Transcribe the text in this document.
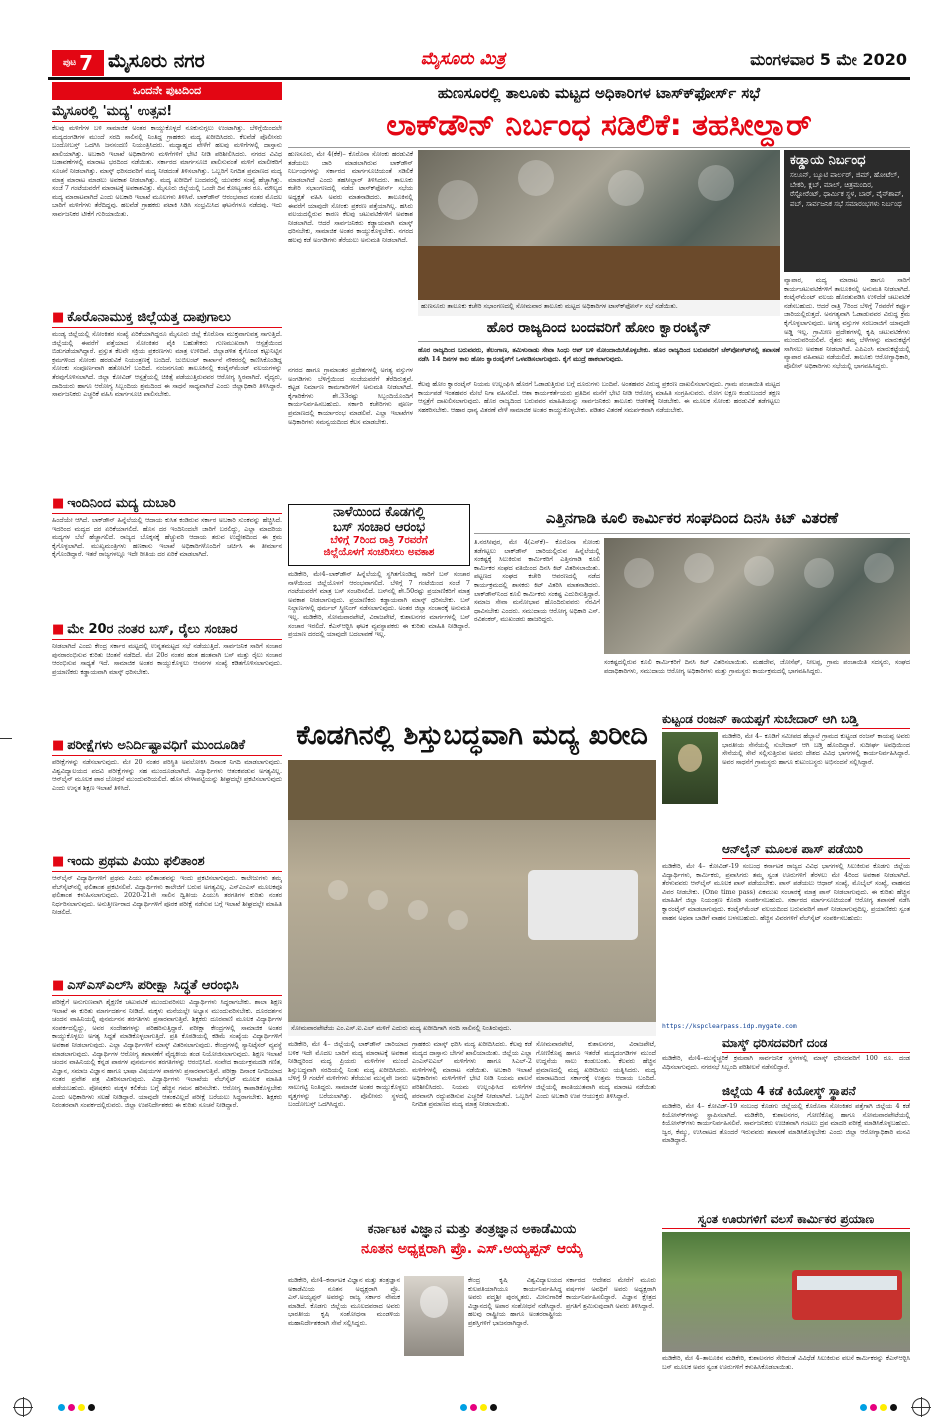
ಪುಟ 7 ಮೈಸೂರು ನಗರ	ಮೈಸೂರು ಮಿತ್ರ	ಮಂಗಳವಾರ 5 ಮೇ 2020
ಒಂದನೇ ಪುಟದಿಂದ
ಮೈಸೂರಲ್ಲಿ 'ಮದ್ಯ' ಉತ್ಸವ!
ಕೆಲವು ಮಳಿಗೆಗಳ ಬಳಿ ಸಾಮಾಜಿಕ ಅಂತರ ಕಾಯ್ದುಕೊಳ್ಳದೆ ನೂಕುನುಗ್ಗಲು ಉಂಟಾಗಿತ್ತು. ಬೆಳಿಗ್ಗೆಯಿಂದಲೇ ಮದ್ಯದಂಗಡಿಗಳ ಮುಂದೆ ಸರದಿ ಸಾಲಿನಲ್ಲಿ ನಿಂತಿದ್ದ ಗ್ರಾಹಕರು ಮದ್ಯ ಖರೀದಿಸಿದರು. ಕೆಲವೆಡೆ ಪೊಲೀಸರು ಬಂದೋಬಸ್ತ್ ಒದಗಿಸಿ ಜನಸಂದಣಿ ನಿಯಂತ್ರಿಸಿದರು. ಮಧ್ಯಾಹ್ನದ ವೇಳೆಗೆ ಹಲವು ಮಳಿಗೆಗಳಲ್ಲಿ ದಾಸ್ತಾನು ಖಾಲಿಯಾಗಿತ್ತು. ಅಬಕಾರಿ ಇಲಾಖೆ ಅಧಿಕಾರಿಗಳು ಮಳಿಗೆಗಳಿಗೆ ಭೇಟಿ ನೀಡಿ ಪರಿಶೀಲಿಸಿದರು. ನಗರದ ವಿವಿಧ ಬಡಾವಣೆಗಳಲ್ಲಿ ಮಾರಾಟ ಭರದಿಂದ ನಡೆಯಿತು. ಸರ್ಕಾರದ ಮಾರ್ಗಸೂಚಿ ಪಾಲಿಸುವಂತೆ ಮಳಿಗೆ ಮಾಲೀಕರಿಗೆ ಸೂಚನೆ ನೀಡಲಾಗಿತ್ತು. ಮಾಸ್ಕ್ ಧರಿಸದವರಿಗೆ ಮದ್ಯ ನೀಡದಂತೆ ತಿಳಿಸಲಾಗಿತ್ತು. ಒಬ್ಬರಿಗೆ ನಿಗದಿತ ಪ್ರಮಾಣದ ಮದ್ಯ ಮಾತ್ರ ಮಾರಾಟ ಮಾಡಲು ಅವಕಾಶ ನೀಡಲಾಗಿತ್ತು. ಮದ್ಯ ಖರೀದಿಗೆ ಬಂದವರಲ್ಲಿ ಯುವಕರ ಸಂಖ್ಯೆ ಹೆಚ್ಚಾಗಿತ್ತು. ಸಂಜೆ 7 ಗಂಟೆಯವರೆಗೆ ಮಾರಾಟಕ್ಕೆ ಅವಕಾಶವಿತ್ತು. ಮೈಸೂರು ಜಿಲ್ಲೆಯಲ್ಲಿ ಒಂದೇ ದಿನ ಕೋಟ್ಯಂತರ ರೂ. ಮೌಲ್ಯದ ಮದ್ಯ ಮಾರಾಟವಾಗಿದೆ ಎಂದು ಅಬಕಾರಿ ಇಲಾಖೆ ಮೂಲಗಳು ತಿಳಿಸಿವೆ. ಲಾಕ್‍ಡೌನ್ ಆರಂಭವಾದ ನಂತರ ಮೊದಲ ಬಾರಿಗೆ ಮಳಿಗೆಗಳು ತೆರೆದಿದ್ದವು. ಹಲವೆಡೆ ಗ್ರಾಹಕರು ಪಟಾಕಿ ಸಿಡಿಸಿ ಸಂಭ್ರಮಿಸಿದ ಘಟನೆಗಳೂ ನಡೆದವು. ಇದು ಸಾರ್ವಜನಿಕರ ಟೀಕೆಗೆ ಗುರಿಯಾಯಿತು.
■ ಕೊರೊನಾಮುಕ್ತ ಜಿಲ್ಲೆಯತ್ತ ದಾಪುಗಾಲು
ಮಂಡ್ಯ ಜಿಲ್ಲೆಯಲ್ಲಿ ಸೋಂಕಿತರ ಸಂಖ್ಯೆ ಏರಿಕೆಯಾಗಿದ್ದರೂ ಮೈಸೂರು ಜಿಲ್ಲೆ ಕೊರೊನಾ ಮುಕ್ತವಾಗುವತ್ತ ಸಾಗುತ್ತಿದೆ. ಜಿಲ್ಲೆಯಲ್ಲಿ ಈವರೆಗೆ ಪತ್ತೆಯಾದ ಸೋಂಕಿತರ ಪೈಕಿ ಬಹುತೇಕರು ಗುಣಮುಖರಾಗಿ ಆಸ್ಪತ್ರೆಯಿಂದ ಬಿಡುಗಡೆಯಾಗಿದ್ದಾರೆ. ಪ್ರಸ್ತುತ ಕೆಲವೇ ಸಕ್ರಿಯ ಪ್ರಕರಣಗಳು ಮಾತ್ರ ಉಳಿದಿವೆ. ಜಿಲ್ಲಾಡಳಿತ ಕೈಗೊಂಡ ಕಟ್ಟುನಿಟ್ಟಿನ ಕ್ರಮಗಳಿಂದ ಸೋಂಕು ಹರಡುವಿಕೆ ನಿಯಂತ್ರಣಕ್ಕೆ ಬಂದಿದೆ. ಜುಬಿಲಂಟ್ ಕಾರ್ಖಾನೆ ನೌಕರರಲ್ಲಿ ಕಾಣಿಸಿಕೊಂಡಿದ್ದ ಸೋಂಕು ಸಂಪೂರ್ಣವಾಗಿ ಹತೋಟಿಗೆ ಬಂದಿದೆ. ನಂಜನಗೂಡು ತಾಲೂಕಿನಲ್ಲಿ ಕಂಟೈನ್‍ಮೆಂಟ್ ವಲಯಗಳನ್ನು ತೆರವುಗೊಳಿಸಲಾಗಿದೆ. ಜಿಲ್ಲಾ ಕೋವಿಡ್ ಆಸ್ಪತ್ರೆಯಲ್ಲಿ ಚಿಕಿತ್ಸೆ ಪಡೆಯುತ್ತಿರುವವರ ಆರೋಗ್ಯ ಸ್ಥಿರವಾಗಿದೆ. ವೈದ್ಯರು, ದಾದಿಯರು ಹಾಗೂ ಆರೋಗ್ಯ ಸಿಬ್ಬಂದಿಯ ಶ್ರಮದಿಂದ ಈ ಸಾಧನೆ ಸಾಧ್ಯವಾಗಿದೆ ಎಂದು ಜಿಲ್ಲಾಧಿಕಾರಿ ತಿಳಿಸಿದ್ದಾರೆ. ಸಾರ್ವಜನಿಕರು ಎಚ್ಚರಿಕೆ ವಹಿಸಿ ಮಾರ್ಗಸೂಚಿ ಪಾಲಿಸಬೇಕು.
■ ಇಂದಿನಿಂದ ಮದ್ಯ ದುಬಾರಿ
ಹಿಂದೆಯೇ ಆಗಿದೆ. ಲಾಕ್‍ಡೌನ್ ಹಿನ್ನೆಲೆಯಲ್ಲಿ ಆದಾಯ ಕುಸಿತ ಕಂಡಿರುವ ಸರ್ಕಾರ ಅಬಕಾರಿ ಸುಂಕವನ್ನು ಹೆಚ್ಚಿಸಿದೆ. ಇದರಿಂದ ಮದ್ಯದ ದರ ಏರಿಕೆಯಾಗಲಿದೆ. ಹೊಸ ದರ ಇಂದಿನಿಂದಲೇ ಜಾರಿಗೆ ಬರಲಿದ್ದು, ಎಲ್ಲಾ ಮಾದರಿಯ ಮದ್ಯಗಳ ಬೆಲೆ ಹೆಚ್ಚಾಗಲಿದೆ. ರಾಜ್ಯದ ಬೊಕ್ಕಸಕ್ಕೆ ಹೆಚ್ಚುವರಿ ಆದಾಯ ತರುವ ಉದ್ದೇಶದಿಂದ ಈ ಕ್ರಮ ಕೈಗೊಳ್ಳಲಾಗಿದೆ. ಮುಖ್ಯಮಂತ್ರಿಗಳು ಹಣಕಾಸು ಇಲಾಖೆ ಅಧಿಕಾರಿಗಳೊಂದಿಗೆ ಚರ್ಚಿಸಿ ಈ ತೀರ್ಮಾನ ಕೈಗೊಂಡಿದ್ದಾರೆ. ಇತರೆ ರಾಜ್ಯಗಳಲ್ಲೂ ಇದೇ ರೀತಿಯ ದರ ಏರಿಕೆ ಮಾಡಲಾಗಿದೆ.
■ ಮೇ 20ರ ನಂತರ ಬಸ್, ರೈಲು ಸಂಚಾರ
ನೀಡಲಾಗಿದೆ ಎಂದು ಕೇಂದ್ರ ಸರ್ಕಾರ ಮಟ್ಟದಲ್ಲಿ ಉನ್ನತಮಟ್ಟದ ಸಭೆ ನಡೆಯುತ್ತಿದೆ. ಸಾರ್ವಜನಿಕ ಸಾರಿಗೆ ಸಂಚಾರ ಪುನರಾರಂಭಿಸುವ ಕುರಿತು ಚಿಂತನೆ ನಡೆದಿದೆ. ಮೇ 20ರ ನಂತರ ಹಂತ ಹಂತವಾಗಿ ಬಸ್ ಮತ್ತು ರೈಲು ಸಂಚಾರ ಆರಂಭಿಸುವ ಸಾಧ್ಯತೆ ಇದೆ. ಸಾಮಾಜಿಕ ಅಂತರ ಕಾಯ್ದುಕೊಳ್ಳಲು ಆಸನಗಳ ಸಂಖ್ಯೆ ಕಡಿತಗೊಳಿಸಲಾಗುವುದು. ಪ್ರಯಾಣಿಕರು ಕಡ್ಡಾಯವಾಗಿ ಮಾಸ್ಕ್ ಧರಿಸಬೇಕು.
■ ಪರೀಕ್ಷೆಗಳು ಅನಿರ್ದಿಷ್ಟಾವಧಿಗೆ ಮುಂದೂಡಿಕೆ
ಪರೀಕ್ಷೆಗಳನ್ನು ನಡೆಸಲಾಗುವುದು. ಮೇ 20 ನಂತರ ಪರಿಸ್ಥಿತಿ ಅವಲೋಕಿಸಿ ದಿನಾಂಕ ನಿಗದಿ ಮಾಡಲಾಗುವುದು. ವಿಶ್ವವಿದ್ಯಾಲಯದ ಪದವಿ ಪರೀಕ್ಷೆಗಳನ್ನು ಸಹ ಮುಂದೂಡಲಾಗಿದೆ. ವಿದ್ಯಾರ್ಥಿಗಳು ಆತಂಕಪಡುವ ಅಗತ್ಯವಿಲ್ಲ. ಆನ್‍ಲೈನ್ ಮೂಲಕ ಪಾಠ ಬೋಧನೆ ಮುಂದುವರಿಯಲಿದೆ. ಹೊಸ ವೇಳಾಪಟ್ಟಿಯನ್ನು ಶೀಘ್ರದಲ್ಲೇ ಪ್ರಕಟಿಸಲಾಗುವುದು ಎಂದು ಉನ್ನತ ಶಿಕ್ಷಣ ಇಲಾಖೆ ತಿಳಿಸಿದೆ.
■ ಇಂದು ಪ್ರಥಮ ಪಿಯು ಫಲಿತಾಂಶ
ಆನ್‍ಲೈನ್ ವಿದ್ಯಾರ್ಥಿಗಳಿಗೆ ಪ್ರಥಮ ಪಿಯು ಫಲಿತಾಂಶವನ್ನು ಇಂದು ಪ್ರಕಟಿಸಲಾಗುವುದು. ಕಾಲೇಜುಗಳು ತಮ್ಮ ವೆಬ್‍ಸೈಟ್‍ನಲ್ಲಿ ಫಲಿತಾಂಶ ಪ್ರಕಟಿಸಲಿವೆ. ವಿದ್ಯಾರ್ಥಿಗಳು ಕಾಲೇಜಿಗೆ ಬರುವ ಅಗತ್ಯವಿಲ್ಲ. ಎಸ್‍ಎಂಎಸ್ ಮೂಲಕವೂ ಫಲಿತಾಂಶ ಕಳುಹಿಸಲಾಗುವುದು. 2020-21ನೇ ಸಾಲಿನ ದ್ವಿತೀಯ ಪಿಯುಸಿ ತರಗತಿಗಳ ಕುರಿತು ನಂತರ ನಿರ್ಧರಿಸಲಾಗುವುದು. ಅನುತ್ತೀರ್ಣರಾದ ವಿದ್ಯಾರ್ಥಿಗಳಿಗೆ ಪೂರಕ ಪರೀಕ್ಷೆ ನಡೆಸುವ ಬಗ್ಗೆ ಇಲಾಖೆ ಶೀಘ್ರದಲ್ಲೇ ಮಾಹಿತಿ ನೀಡಲಿದೆ.
■ ಎಸ್‍ಎಸ್‍ಎಲ್‍ಸಿ ಪರೀಕ್ಷಾ ಸಿದ್ಧತೆ ಆರಂಭಿಸಿ
ಪರೀಕ್ಷೆಗೆ ಅನುಗುಣವಾಗಿ ಶೈಕ್ಷಣಿಕ ಚಟುವಟಿಕೆ ಮುಂದುವರಿಸಲು ವಿದ್ಯಾರ್ಥಿಗಳು ಸಿದ್ಧರಾಗಬೇಕು. ಶಾಲಾ ಶಿಕ್ಷಣ ಇಲಾಖೆ ಈ ಕುರಿತು ಮಾರ್ಗದರ್ಶನ ನೀಡಿದೆ. ಮಕ್ಕಳು ಮನೆಯಲ್ಲೇ ಅಭ್ಯಾಸ ಮುಂದುವರಿಸಬೇಕು. ದೂರದರ್ಶನ ಚಂದನ ವಾಹಿನಿಯಲ್ಲಿ ಪುನರ್ಮನನ ತರಗತಿಗಳು ಪ್ರಸಾರವಾಗುತ್ತಿವೆ. ಶಿಕ್ಷಕರು ದೂರವಾಣಿ ಮೂಲಕ ವಿದ್ಯಾರ್ಥಿಗಳ ಸಂಪರ್ಕದಲ್ಲಿದ್ದು, ಅವರ ಸಂದೇಹಗಳನ್ನು ಪರಿಹರಿಸುತ್ತಿದ್ದಾರೆ. ಪರೀಕ್ಷಾ ಕೇಂದ್ರಗಳಲ್ಲಿ ಸಾಮಾಜಿಕ ಅಂತರ ಕಾಯ್ದುಕೊಳ್ಳಲು ಅಗತ್ಯ ಸಿದ್ಧತೆ ಮಾಡಿಕೊಳ್ಳಲಾಗುತ್ತಿದೆ. ಪ್ರತಿ ಕೊಠಡಿಯಲ್ಲಿ ಕಡಿಮೆ ಸಂಖ್ಯೆಯ ವಿದ್ಯಾರ್ಥಿಗಳಿಗೆ ಅವಕಾಶ ನೀಡಲಾಗುವುದು. ಎಲ್ಲಾ ವಿದ್ಯಾರ್ಥಿಗಳಿಗೆ ಮಾಸ್ಕ್ ವಿತರಿಸಲಾಗುವುದು. ಕೇಂದ್ರಗಳಲ್ಲಿ ಸ್ಯಾನಿಟೈಸರ್ ವ್ಯವಸ್ಥೆ ಮಾಡಲಾಗುವುದು. ವಿದ್ಯಾರ್ಥಿಗಳ ಆರೋಗ್ಯ ತಪಾಸಣೆಗೆ ವೈದ್ಯಕೀಯ ತಂಡ ನಿಯೋಜಿಸಲಾಗುವುದು. ಶಿಕ್ಷಣ ಇಲಾಖೆ ಚಂದನ ವಾಹಿನಿಯಲ್ಲಿ ಕನ್ನಡ ಪಾಠಗಳ ಪುನರ್ಮನನ ತರಗತಿಗಳನ್ನು ಆರಂಭಿಸಿದೆ. ಸಂವೇದ ಕಾರ್ಯಕ್ರಮದಡಿ ಗಣಿತ, ವಿಜ್ಞಾನ, ಸಮಾಜ ವಿಜ್ಞಾನ ಹಾಗೂ ಭಾಷಾ ವಿಷಯಗಳ ಪಾಠಗಳು ಪ್ರಸಾರವಾಗುತ್ತಿವೆ. ಪರೀಕ್ಷಾ ದಿನಾಂಕ ನಿಗದಿಯಾದ ನಂತರ ಪ್ರವೇಶ ಪತ್ರ ವಿತರಿಸಲಾಗುವುದು. ವಿದ್ಯಾರ್ಥಿಗಳು ಇಲಾಖೆಯ ವೆಬ್‍ಸೈಟ್ ಮೂಲಕ ಮಾಹಿತಿ ಪಡೆಯಬಹುದು. ಪೋಷಕರು ಮಕ್ಕಳ ಕಲಿಕೆಯ ಬಗ್ಗೆ ಹೆಚ್ಚಿನ ಗಮನ ಹರಿಸಬೇಕು. ಆರೋಗ್ಯ ಕಾಪಾಡಿಕೊಳ್ಳಬೇಕು ಎಂದು ಅಧಿಕಾರಿಗಳು ಸಲಹೆ ನೀಡಿದ್ದಾರೆ. ಯಾವುದೇ ಆತಂಕವಿಲ್ಲದೆ ಪರೀಕ್ಷೆ ಬರೆಯಲು ಸಿದ್ಧರಾಗಬೇಕು. ಶಿಕ್ಷಕರು ನಿರಂತರವಾಗಿ ಸಂಪರ್ಕದಲ್ಲಿರುವರು. ಜಿಲ್ಲಾ ಉಪನಿರ್ದೇಶಕರು ಈ ಕುರಿತು ಸೂಚನೆ ನೀಡಿದ್ದಾರೆ.
ಹುಣಸೂರಲ್ಲಿ ತಾಲೂಕು ಮಟ್ಟದ ಅಧಿಕಾರಿಗಳ ಟಾಸ್ಕ್‍ಫೋರ್ಸ್ ಸಭೆ
ಲಾಕ್‍ಡೌನ್ ನಿರ್ಬಂಧ ಸಡಿಲಿಕೆ: ತಹಸೀಲ್ದಾರ್
ಹುಣಸೂರು, ಮೇ 4(ಕೆಕೆ)– ಕೊರೊನಾ ಸೋಂಕು ಹರಡುವಿಕೆ ತಡೆಯಲು ಜಾರಿ ಮಾಡಲಾಗಿರುವ ಲಾಕ್‍ಡೌನ್ ನಿರ್ಬಂಧಗಳನ್ನು ಸರ್ಕಾರದ ಮಾರ್ಗಸೂಚಿಯಂತೆ ಸಡಿಲಿಕೆ ಮಾಡಲಾಗಿದೆ ಎಂದು ತಹಸೀಲ್ದಾರ್ ತಿಳಿಸಿದರು. ತಾಲೂಕು ಕಚೇರಿ ಸಭಾಂಗಣದಲ್ಲಿ ನಡೆದ ಟಾಸ್ಕ್‍ಫೋರ್ಸ್ ಸಭೆಯ ಅಧ್ಯಕ್ಷತೆ ವಹಿಸಿ ಅವರು ಮಾತನಾಡಿದರು. ತಾಲೂಕಿನಲ್ಲಿ ಈವರೆಗೆ ಯಾವುದೇ ಸೋಂಕು ಪ್ರಕರಣ ಪತ್ತೆಯಾಗಿಲ್ಲ. ಹಸಿರು ವಲಯದಲ್ಲಿರುವ ಕಾರಣ ಕೆಲವು ಚಟುವಟಿಕೆಗಳಿಗೆ ಅವಕಾಶ ನೀಡಲಾಗಿದೆ. ಆದರೆ ಸಾರ್ವಜನಿಕರು ಕಡ್ಡಾಯವಾಗಿ ಮಾಸ್ಕ್ ಧರಿಸಬೇಕು, ಸಾಮಾಜಿಕ ಅಂತರ ಕಾಯ್ದುಕೊಳ್ಳಬೇಕು. ನಗರದ ಹಲವು ಕಡೆ ಅಂಗಡಿಗಳು ತೆರೆಯಲು ಅನುಮತಿ ನೀಡಲಾಗಿದೆ.
ಹುಣಸೂರು ತಾಲೂಕು ಕಚೇರಿ ಸಭಾಂಗಣದಲ್ಲಿ ಸೋಮವಾರ ತಾಲೂಕು ಮಟ್ಟದ ಅಧಿಕಾರಿಗಳ ಟಾಸ್ಕ್‍ಫೋರ್ಸ್ ಸಭೆ ನಡೆಯಿತು.
ಕಡ್ಡಾಯ ನಿರ್ಬಂಧ
ಸಲೂನ್, ಬ್ಯೂಟಿ ಪಾರ್ಲರ್, ಜಿಮ್, ಹೋಟೆಲ್, ಬೇಕರಿ, ಕ್ಲಬ್, ಮಾಲ್, ಚಿತ್ರಮಂದಿರ, ರೆಸ್ಟೋರೆಂಟ್, ಧಾರ್ಮಿಕ ಸ್ಥಳ, ಬಾರ್, ವೈನ್‍ಶಾಪ್, ಪಬ್, ಸಾರ್ವಜನಿಕ ಸಭೆ ಸಮಾರಂಭಗಳು ನಿರ್ಬಂಧ
ವ್ಯಾಪಾರ, ಮದ್ಯ ಮಾರಾಟ ಹಾಗೂ ಸಾರಿಗೆ ಕಾರ್ಯಚಟುವಟಿಕೆಗಳಿಗೆ ತಾಲೂಕಿನಲ್ಲಿ ಅನುಮತಿ ನೀಡಲಾಗಿದೆ. ಕಂಟೈನ್‍ಮೆಂಟ್ ವಲಯ ಹೊರತುಪಡಿಸಿ ಉಳಿದೆಡೆ ಚಟುವಟಿಕೆ ನಡೆಸಬಹುದು. ಆದರೆ ರಾತ್ರಿ 7ರಿಂದ ಬೆಳಿಗ್ಗೆ 7ರವರೆಗೆ ಕರ್ಫ್ಯೂ ಜಾರಿಯಲ್ಲಿರುತ್ತದೆ. ಅನಗತ್ಯವಾಗಿ ಓಡಾಡುವವರ ವಿರುದ್ಧ ಕ್ರಮ ಕೈಗೊಳ್ಳಲಾಗುವುದು. ಅಗತ್ಯ ವಸ್ತುಗಳ ಸರಬರಾಜಿಗೆ ಯಾವುದೇ ಅಡ್ಡಿ ಇಲ್ಲ. ಗ್ರಾಮೀಣ ಪ್ರದೇಶಗಳಲ್ಲಿ ಕೃಷಿ ಚಟುವಟಿಕೆಗಳು ಮುಂದುವರಿಯಲಿವೆ. ರೈತರು ತಮ್ಮ ಬೆಳೆಗಳನ್ನು ಮಾರುಕಟ್ಟೆಗೆ ಸಾಗಿಸಲು ಅವಕಾಶ ನೀಡಲಾಗಿದೆ. ಎಪಿಎಂಸಿ ಮಾರುಕಟ್ಟೆಯಲ್ಲಿ ವ್ಯಾಪಾರ ವಹಿವಾಟು ನಡೆಯಲಿದೆ. ತಾಲೂಕು ಆರೋಗ್ಯಾಧಿಕಾರಿ, ಪೊಲೀಸ್ ಅಧಿಕಾರಿಗಳು ಸಭೆಯಲ್ಲಿ ಭಾಗವಹಿಸಿದ್ದರು.
ನಗರದ ಹಾಗೂ ಗ್ರಾಮಾಂತರ ಪ್ರದೇಶಗಳಲ್ಲಿ ಅಗತ್ಯ ವಸ್ತುಗಳ ಅಂಗಡಿಗಳು ಬೆಳಿಗ್ಗೆಯಿಂದ ಸಂಜೆಯವರೆಗೆ ತೆರೆದಿರುತ್ತವೆ. ಕಟ್ಟಡ ನಿರ್ಮಾಣ ಕಾಮಗಾರಿಗಳಿಗೆ ಅನುಮತಿ ನೀಡಲಾಗಿದೆ. ಕೈಗಾರಿಕೆಗಳು ಶೇ.33ರಷ್ಟು ಸಿಬ್ಬಂದಿಯೊಂದಿಗೆ ಕಾರ್ಯನಿರ್ವಹಿಸಬಹುದು. ಸರ್ಕಾರಿ ಕಚೇರಿಗಳು ಪೂರ್ಣ ಪ್ರಮಾಣದಲ್ಲಿ ಕಾರ್ಯಾರಂಭ ಮಾಡಲಿವೆ. ಎಲ್ಲಾ ಇಲಾಖೆಗಳ ಅಧಿಕಾರಿಗಳು ಸಮನ್ವಯದಿಂದ ಕೆಲಸ ಮಾಡಬೇಕು.
ಹೊರ ರಾಜ್ಯದಿಂದ ಬಂದವರಿಗೆ ಹೋಂ ಕ್ವಾರಂಟೈನ್
ಹೊರ ರಾಜ್ಯದಿಂದ ಬರುವವರು, ತೆಲಂಗಾಣ, ತಮಿಳುನಾಡು ಸೇವಾ ಸಿಂಧು ಆಪ್ ಬಳಿ ನೋಂದಾಯಿಸಿಕೊಳ್ಳಬೇಕು. ಹೊರ ರಾಜ್ಯದಿಂದ ಬರುವವರಿಗೆ ಚೆಕ್‍ಪೋಸ್ಟ್‍ನಲ್ಲಿ ತಪಾಸಣೆ ನಡೆಸಿ 14 ದಿನಗಳ ಕಾಲ ಹೋಂ ಕ್ವಾರಂಟೈನ್‍ಗೆ ಒಳಪಡಿಸಲಾಗುವುದು. ಕೈಗೆ ಮುದ್ರೆ ಹಾಕಲಾಗುವುದು.
ಕೆಲವು ಹೋಂ ಕ್ವಾರಂಟೈನ್ ನಿಯಮ ಉಲ್ಲಂಘಿಸಿ ಹೊರಗೆ ಓಡಾಡುತ್ತಿರುವ ಬಗ್ಗೆ ದೂರುಗಳು ಬಂದಿವೆ. ಅಂತಹವರ ವಿರುದ್ಧ ಪ್ರಕರಣ ದಾಖಲಿಸಲಾಗುವುದು. ಗ್ರಾಮ ಪಂಚಾಯಿತಿ ಮಟ್ಟದ ಕಾರ್ಯಪಡೆ ಇಂತಹವರ ಮೇಲೆ ನಿಗಾ ವಹಿಸಲಿದೆ. ಆಶಾ ಕಾರ್ಯಕರ್ತೆಯರು ಪ್ರತಿದಿನ ಮನೆಗೆ ಭೇಟಿ ನೀಡಿ ಆರೋಗ್ಯ ಮಾಹಿತಿ ಸಂಗ್ರಹಿಸುವರು. ರೋಗ ಲಕ್ಷಣ ಕಂಡುಬಂದರೆ ತಕ್ಷಣ ಆಸ್ಪತ್ರೆಗೆ ದಾಖಲಿಸಲಾಗುವುದು. ಹೊರ ರಾಜ್ಯದಿಂದ ಬರುವವರ ಮಾಹಿತಿಯನ್ನು ಸಾರ್ವಜನಿಕರು ತಾಲೂಕು ಆಡಳಿತಕ್ಕೆ ನೀಡಬೇಕು. ಈ ಮೂಲಕ ಸೋಂಕು ಹರಡುವಿಕೆ ತಡೆಗಟ್ಟಲು ಸಹಕರಿಸಬೇಕು. ಆಹಾರ ಧಾನ್ಯ ವಿತರಣೆ ವೇಳೆ ಸಾಮಾಜಿಕ ಅಂತರ ಕಾಯ್ದುಕೊಳ್ಳಬೇಕು. ಪಡಿತರ ವಿತರಣೆ ಸಮರ್ಪಕವಾಗಿ ನಡೆಯಬೇಕು.
ನಾಳೆಯಿಂದ ಕೊಡಗಲ್ಲಿ
ಬಸ್ ಸಂಚಾರ ಆರಂಭ
ಬೆಳಿಗ್ಗೆ 7ರಿಂದ ರಾತ್ರಿ 7ರವರೆಗೆ
ಜಿಲ್ಲೆಯೊಳಗೆ ಸಂಚರಿಸಲು ಅವಕಾಶ
ಮಡಿಕೇರಿ, ಮೇ4–ಲಾಕ್‍ಡೌನ್ ಹಿನ್ನೆಲೆಯಲ್ಲಿ ಸ್ಥಗಿತಗೊಂಡಿದ್ದ ಸಾರಿಗೆ ಬಸ್ ಸಂಚಾರ ನಾಳೆಯಿಂದ ಜಿಲ್ಲೆಯೊಳಗೆ ಆರಂಭವಾಗಲಿದೆ. ಬೆಳಿಗ್ಗೆ 7 ಗಂಟೆಯಿಂದ ಸಂಜೆ 7 ಗಂಟೆಯವರೆಗೆ ಮಾತ್ರ ಬಸ್ ಸಂಚರಿಸಲಿದೆ. ಬಸ್‍ನಲ್ಲಿ ಶೇ.50ರಷ್ಟು ಪ್ರಯಾಣಿಕರಿಗೆ ಮಾತ್ರ ಅವಕಾಶ ನೀಡಲಾಗುವುದು. ಪ್ರಯಾಣಿಕರು ಕಡ್ಡಾಯವಾಗಿ ಮಾಸ್ಕ್ ಧರಿಸಬೇಕು. ಬಸ್ ನಿಲ್ದಾಣಗಳಲ್ಲಿ ಥರ್ಮಲ್ ಸ್ಕ್ರೀನಿಂಗ್ ನಡೆಸಲಾಗುವುದು. ಅಂತರ ಜಿಲ್ಲಾ ಸಂಚಾರಕ್ಕೆ ಅನುಮತಿ ಇಲ್ಲ. ಮಡಿಕೇರಿ, ಸೋಮವಾರಪೇಟೆ, ವಿರಾಜಪೇಟೆ, ಕುಶಾಲನಗರ ಮಾರ್ಗಗಳಲ್ಲಿ ಬಸ್ ಸಂಚಾರ ಇರಲಿದೆ. ಕೆಎಸ್‍ಆರ್‍ಟಿಸಿ ಘಟಕ ವ್ಯವಸ್ಥಾಪಕರು ಈ ಕುರಿತು ಮಾಹಿತಿ ನೀಡಿದ್ದಾರೆ. ಪ್ರಯಾಣ ದರದಲ್ಲಿ ಯಾವುದೇ ಬದಲಾವಣೆ ಇಲ್ಲ.
ಎತ್ತಿನಗಾಡಿ ಕೂಲಿ ಕಾರ್ಮಿಕರ ಸಂಘದಿಂದ ದಿನಸಿ ಕಿಟ್ ವಿತರಣೆ
ತಿ.ನರಸೀಪುರ, ಮೇ 4(ಎಸ್‍ಕೆ)– ಕೊರೊನಾ ಸೋಂಕು ತಡೆಗಟ್ಟಲು ಲಾಕ್‍ಡೌನ್ ಜಾರಿಯಲ್ಲಿರುವ ಹಿನ್ನೆಲೆಯಲ್ಲಿ ಸಂಕಷ್ಟಕ್ಕೆ ಸಿಲುಕಿರುವ ಕಾರ್ಮಿಕರಿಗೆ ಎತ್ತಿನಗಾಡಿ ಕೂಲಿ ಕಾರ್ಮಿಕರ ಸಂಘದ ವತಿಯಿಂದ ದಿನಸಿ ಕಿಟ್ ವಿತರಿಸಲಾಯಿತು. ಪಟ್ಟಣದ ಸಂಘದ ಕಚೇರಿ ಆವರಣದಲ್ಲಿ ನಡೆದ ಕಾರ್ಯಕ್ರಮದಲ್ಲಿ ಶಾಸಕರು ಕಿಟ್ ವಿತರಿಸಿ ಮಾತನಾಡಿದರು. ಲಾಕ್‍ಡೌನ್‍ನಿಂದ ಕೂಲಿ ಕಾರ್ಮಿಕರು ಸಂಕಷ್ಟ ಎದುರಿಸುತ್ತಿದ್ದಾರೆ. ಸಮಾಜ ಸೇವಾ ಮನೋಭಾವ ಹೊಂದಿರುವವರು ನೆರವಿಗೆ ಧಾವಿಸಬೇಕು ಎಂದರು. ಸಮುದಾಯ ಆರೋಗ್ಯ ಅಧಿಕಾರಿ ಎಸ್. ರವಿಶಂಕರ್, ಮುಖಂಡರು ಹಾಜರಿದ್ದರು.
ಸಂಕಷ್ಟದಲ್ಲಿರುವ ಕೂಲಿ ಕಾರ್ಮಿಕರಿಗೆ ದಿನಸಿ ಕಿಟ್ ವಿತರಿಸಲಾಯಿತು. ಮಹದೇವ, ಜೋಸೆಫ್, ನೀಲಪ್ಪ, ಗ್ರಾಮ ಪಂಚಾಯಿತಿ ಸದಸ್ಯರು, ಸಂಘದ ಪದಾಧಿಕಾರಿಗಳು, ಸಮುದಾಯ ಆರೋಗ್ಯ ಅಧಿಕಾರಿಗಳು ಮತ್ತು ಗ್ರಾಮಸ್ಥರು ಕಾರ್ಯಕ್ರಮದಲ್ಲಿ ಭಾಗವಹಿಸಿದ್ದರು.
ಕೊಡಗಿನಲ್ಲಿ ಶಿಸ್ತುಬದ್ಧವಾಗಿ ಮದ್ಯ ಖರೀದಿ
ಸೋಮವಾರಪೇಟೆಯ ಎಂ.ಎಸ್.ಐ.ಎಲ್ ಮಳಿಗೆ ಎದುರು ಮದ್ಯ ಖರೀದಿಗಾಗಿ ಸರದಿ ಸಾಲಿನಲ್ಲಿ ನಿಂತಿರುವುದು.
ಮಡಿಕೇರಿ, ಮೇ 4– ಜಿಲ್ಲೆಯಲ್ಲಿ ಲಾಕ್‍ಡೌನ್ ಜಾರಿಯಾದ ಬಳಿಕ ಇದೇ ಮೊದಲ ಬಾರಿಗೆ ಮದ್ಯ ಮಾರಾಟಕ್ಕೆ ಅವಕಾಶ ನೀಡಿದ್ದರಿಂದ ಮದ್ಯ ಪ್ರಿಯರು ಮಳಿಗೆಗಳ ಮುಂದೆ ಶಿಸ್ತುಬದ್ಧವಾಗಿ ಸರದಿಯಲ್ಲಿ ನಿಂತು ಮದ್ಯ ಖರೀದಿಸಿದರು. ಬೆಳಿಗ್ಗೆ 9 ಗಂಟೆಗೆ ಮಳಿಗೆಗಳು ತೆರೆಯುವ ಮುನ್ನವೇ ಜನರು ಸಾಲುಗಟ್ಟಿ ನಿಂತಿದ್ದರು. ಸಾಮಾಜಿಕ ಅಂತರ ಕಾಯ್ದುಕೊಳ್ಳಲು ವೃತ್ತಗಳನ್ನು ಬರೆಯಲಾಗಿತ್ತು. ಪೊಲೀಸರು ಸ್ಥಳದಲ್ಲಿ ಬಂದೋಬಸ್ತ್ ಒದಗಿಸಿದ್ದರು.
ಗ್ರಾಹಕರು ಮಾಸ್ಕ್ ಧರಿಸಿ ಮದ್ಯ ಖರೀದಿಸಿದರು. ಕೆಲವು ಕಡೆ ಮದ್ಯದ ದಾಸ್ತಾನು ಬೇಗನೆ ಖಾಲಿಯಾಯಿತು. ಜಿಲ್ಲೆಯ ಎಲ್ಲಾ ಎಂಎಸ್‍ಐಎಲ್ ಮಳಿಗೆಗಳು ಹಾಗೂ ಸಿಎಲ್-2 ಮಳಿಗೆಗಳಲ್ಲಿ ಮಾರಾಟ ನಡೆಯಿತು. ಅಬಕಾರಿ ಇಲಾಖೆ ಅಧಿಕಾರಿಗಳು ಮಳಿಗೆಗಳಿಗೆ ಭೇಟಿ ನೀಡಿ ನಿಯಮ ಪಾಲನೆ ಪರಿಶೀಲಿಸಿದರು. ನಿಯಮ ಉಲ್ಲಂಘಿಸಿದ ಮಳಿಗೆಗಳ ಪರವಾನಗಿ ರದ್ದುಪಡಿಸುವ ಎಚ್ಚರಿಕೆ ನೀಡಲಾಗಿದೆ. ಒಬ್ಬರಿಗೆ ನಿಗದಿತ ಪ್ರಮಾಣದ ಮದ್ಯ ಮಾತ್ರ ನೀಡಲಾಯಿತು.
ಸೋಮವಾರಪೇಟೆ, ಕುಶಾಲನಗರ, ವಿರಾಜಪೇಟೆ, ಗೋಣಿಕೊಪ್ಪ ಹಾಗೂ ಇತರೆಡೆ ಮದ್ಯದಂಗಡಿಗಳ ಮುಂದೆ ಉದ್ದನೆಯ ಸಾಲು ಕಂಡುಬಂತು. ಕೆಲವರು ಹೆಚ್ಚಿನ ಪ್ರಮಾಣದಲ್ಲಿ ಮದ್ಯ ಖರೀದಿಸಲು ಯತ್ನಿಸಿದರು. ಮದ್ಯ ಮಾರಾಟದಿಂದ ಸರ್ಕಾರಕ್ಕೆ ಉತ್ತಮ ಆದಾಯ ಬಂದಿದೆ. ಜಿಲ್ಲೆಯಲ್ಲಿ ಶಾಂತಿಯುತವಾಗಿ ಮದ್ಯ ಮಾರಾಟ ನಡೆಯಿತು ಎಂದು ಅಬಕಾರಿ ಉಪ ಆಯುಕ್ತರು ತಿಳಿಸಿದ್ದಾರೆ.
ಕರ್ನಾಟಕ ವಿಜ್ಞಾನ ಮತ್ತು ತಂತ್ರಜ್ಞಾನ ಅಕಾಡೆಮಿಯ
ನೂತನ ಅಧ್ಯಕ್ಷರಾಗಿ ಪ್ರೊ. ಎಸ್.ಅಯ್ಯಪ್ಪನ್ ಆಯ್ಕೆ
ಮಡಿಕೇರಿ, ಮೇ4–ಕರ್ನಾಟಕ ವಿಜ್ಞಾನ ಮತ್ತು ತಂತ್ರಜ್ಞಾನ ಅಕಾಡೆಮಿಯ ನೂತನ ಅಧ್ಯಕ್ಷರಾಗಿ ಪ್ರೊ. ಎಸ್.ಅಯ್ಯಪ್ಪನ್ ಅವರನ್ನು ರಾಜ್ಯ ಸರ್ಕಾರ ನೇಮಕ ಮಾಡಿದೆ. ಕೊಡಗು ಜಿಲ್ಲೆಯ ಮೂಲದವರಾದ ಅವರು ಭಾರತೀಯ ಕೃಷಿ ಸಂಶೋಧನಾ ಮಂಡಳಿಯ ಮಹಾನಿರ್ದೇಶಕರಾಗಿ ಸೇವೆ ಸಲ್ಲಿಸಿದ್ದರು.
ಕೇಂದ್ರ ಕೃಷಿ ವಿಶ್ವವಿದ್ಯಾಲಯದ ಕುಲಪತಿಯಾಗಿಯೂ ಕಾರ್ಯನಿರ್ವಹಿಸಿದ್ದ ಅವರು ಪದ್ಮಶ್ರೀ ಪುರಸ್ಕೃತರು. ಮೀನುಗಾರಿಕೆ ವಿಜ್ಞಾನದಲ್ಲಿ ಅಪಾರ ಸಂಶೋಧನೆ ನಡೆಸಿದ್ದಾರೆ. ಹಲವು ರಾಷ್ಟ್ರೀಯ ಹಾಗೂ ಅಂತರರಾಷ್ಟ್ರೀಯ ಪ್ರಶಸ್ತಿಗಳಿಗೆ ಭಾಜನರಾಗಿದ್ದಾರೆ.
ಸರ್ಕಾರದ ಆದೇಶದ ಮೇರೆಗೆ ಮೂರು ವರ್ಷಗಳ ಅವಧಿಗೆ ಅವರು ಅಧ್ಯಕ್ಷರಾಗಿ ಕಾರ್ಯನಿರ್ವಹಿಸಲಿದ್ದಾರೆ. ವಿಜ್ಞಾನ ಕ್ಷೇತ್ರದ ಪ್ರಗತಿಗೆ ಶ್ರಮಿಸುವುದಾಗಿ ಅವರು ತಿಳಿಸಿದ್ದಾರೆ.
ಕುಟ್ಟಂಡ ರಂಜನ್ ಕಾಯಪ್ಪಗೆ ಸುಬೇದಾರ್ ಆಗಿ ಬಡ್ತಿ
ಮಡಿಕೇರಿ, ಮೇ 4– ಕೂಡಿಗೆ ಸಮೀಪದ ಹೆಬ್ಬಾಲೆ ಗ್ರಾಮದ ಕುಟ್ಟಂಡ ರಂಜನ್ ಕಾಯಪ್ಪ ಅವರು ಭಾರತೀಯ ಸೇನೆಯಲ್ಲಿ ಸುಬೇದಾರ್ ಆಗಿ ಬಡ್ತಿ ಹೊಂದಿದ್ದಾರೆ. ಸುದೀರ್ಘ ಅವಧಿಯಿಂದ ಸೇನೆಯಲ್ಲಿ ಸೇವೆ ಸಲ್ಲಿಸುತ್ತಿರುವ ಅವರು ದೇಶದ ವಿವಿಧ ಭಾಗಗಳಲ್ಲಿ ಕಾರ್ಯನಿರ್ವಹಿಸಿದ್ದಾರೆ. ಅವರ ಸಾಧನೆಗೆ ಗ್ರಾಮಸ್ಥರು ಹಾಗೂ ಕುಟುಂಬಸ್ಥರು ಅಭಿನಂದನೆ ಸಲ್ಲಿಸಿದ್ದಾರೆ.
ಆನ್‍ಲೈನ್ ಮೂಲಕ ಪಾಸ್ ಪಡೆಯಿರಿ
ಮಡಿಕೇರಿ, ಮೇ 4– ಕೋವಿಡ್-19 ಸಂಬಂಧ ಕರ್ನಾಟಕ ರಾಜ್ಯದ ವಿವಿಧ ಭಾಗಗಳಲ್ಲಿ ಸಿಲುಕಿರುವ ಕೊಡಗು ಜಿಲ್ಲೆಯ ವಿದ್ಯಾರ್ಥಿಗಳು, ಕಾರ್ಮಿಕರು, ಪ್ರವಾಸಿಗರು ತಮ್ಮ ಸ್ವಂತ ಊರುಗಳಿಗೆ ತೆರಳಲು ಮೇ 4ರಿಂದ ಅವಕಾಶ ನೀಡಲಾಗಿದೆ. ತೆರಳುವವರು ಆನ್‍ಲೈನ್ ಮೂಲಕ ಪಾಸ್ ಪಡೆಯಬೇಕು. ಪಾಸ್ ಪಡೆಯಲು ಆಧಾರ್ ಸಂಖ್ಯೆ, ಮೊಬೈಲ್ ಸಂಖ್ಯೆ, ವಾಹನದ ವಿವರ ನೀಡಬೇಕು. (One time pass) ಏಕಮುಖ ಸಂಚಾರಕ್ಕೆ ಮಾತ್ರ ಪಾಸ್ ನೀಡಲಾಗುವುದು. ಈ ಕುರಿತು ಹೆಚ್ಚಿನ ಮಾಹಿತಿಗೆ ಜಿಲ್ಲಾ ನಿಯಂತ್ರಣ ಕೊಠಡಿ ಸಂಪರ್ಕಿಸಬಹುದು. ಸರ್ಕಾರದ ಮಾರ್ಗಸೂಚಿಯಂತೆ ಆರೋಗ್ಯ ತಪಾಸಣೆ ನಡೆಸಿ ಕ್ವಾರಂಟೈನ್ ಮಾಡಲಾಗುವುದು. ಕಂಟೈನ್‍ಮೆಂಟ್ ವಲಯದಿಂದ ಬರುವವರಿಗೆ ಪಾಸ್ ನೀಡಲಾಗುವುದಿಲ್ಲ. ಪ್ರಯಾಣಿಕರು ಸ್ವಂತ ವಾಹನ ಅಥವಾ ಬಾಡಿಗೆ ವಾಹನ ಬಳಸಬಹುದು. ಹೆಚ್ಚಿನ ವಿವರಗಳಿಗೆ ವೆಬ್‍ಸೈಟ್ ಸಂಪರ್ಕಿಸಬಹುದು:
https://kspclearpass.idp.mygate.com
ಮಾಸ್ಕ್ ಧರಿಸದವರಿಗೆ ದಂಡ
ಮಡಿಕೇರಿ, ಮೇ4–ಮುನ್ನೆಚ್ಚರಿಕೆ ಕ್ರಮವಾಗಿ ಸಾರ್ವಜನಿಕ ಸ್ಥಳಗಳಲ್ಲಿ ಮಾಸ್ಕ್ ಧರಿಸದವರಿಗೆ 100 ರೂ. ದಂಡ ವಿಧಿಸಲಾಗುವುದು. ನಗರಸಭೆ ಸಿಬ್ಬಂದಿ ಪರಿಶೀಲನೆ ನಡೆಸಲಿದ್ದಾರೆ.
ಜಿಲ್ಲೆಯ 4 ಕಡೆ ಕಿಯೋಸ್ಕ್ ಸ್ಥಾಪನೆ
ಮಡಿಕೇರಿ, ಮೇ 4– ಕೋವಿಡ್-19 ಸಂಬಂಧ ಕೊಡಗು ಜಿಲ್ಲೆಯಲ್ಲಿ ಕೊರೊನಾ ಸೋಂಕಿತರ ಪತ್ತೆಗಾಗಿ ಜಿಲ್ಲೆಯ 4 ಕಡೆ ಕಿಯೋಸ್ಕ್‍ಗಳನ್ನು ಸ್ಥಾಪಿಸಲಾಗಿದೆ. ಮಡಿಕೇರಿ, ಕುಶಾಲನಗರ, ಗೋಣಿಕೊಪ್ಪ ಹಾಗೂ ಸೋಮವಾರಪೇಟೆಯಲ್ಲಿ ಕಿಯೋಸ್ಕ್‍ಗಳು ಕಾರ್ಯನಿರ್ವಹಿಸಲಿವೆ. ಸಾರ್ವಜನಿಕರು ಉಚಿತವಾಗಿ ಗಂಟಲು ದ್ರವ ಮಾದರಿ ಪರೀಕ್ಷೆ ಮಾಡಿಸಿಕೊಳ್ಳಬಹುದು. ಜ್ವರ, ಕೆಮ್ಮು, ಉಸಿರಾಟದ ತೊಂದರೆ ಇರುವವರು ತಪಾಸಣೆ ಮಾಡಿಸಿಕೊಳ್ಳಬೇಕು ಎಂದು ಜಿಲ್ಲಾ ಆರೋಗ್ಯಾಧಿಕಾರಿ ಮನವಿ ಮಾಡಿದ್ದಾರೆ.
ಸ್ವಂತ ಊರುಗಳಿಗೆ ವಲಸೆ ಕಾರ್ಮಿಕರ ಪ್ರಯಾಣ
ಮಡಿಕೇರಿ, ಮೇ 4–ತಾಲೂಕಿನ ಮಡಿಕೇರಿ, ಕುಶಾಲನಗರ ಸೇರಿದಂತೆ ವಿವಿಧೆಡೆ ಸಿಲುಕಿರುವ ವಲಸೆ ಕಾರ್ಮಿಕರನ್ನು ಕೆಎಸ್‍ಆರ್‍ಟಿಸಿ ಬಸ್ ಮೂಲಕ ಅವರ ಸ್ವಂತ ಊರುಗಳಿಗೆ ಕಳುಹಿಸಿಕೊಡಲಾಯಿತು.
